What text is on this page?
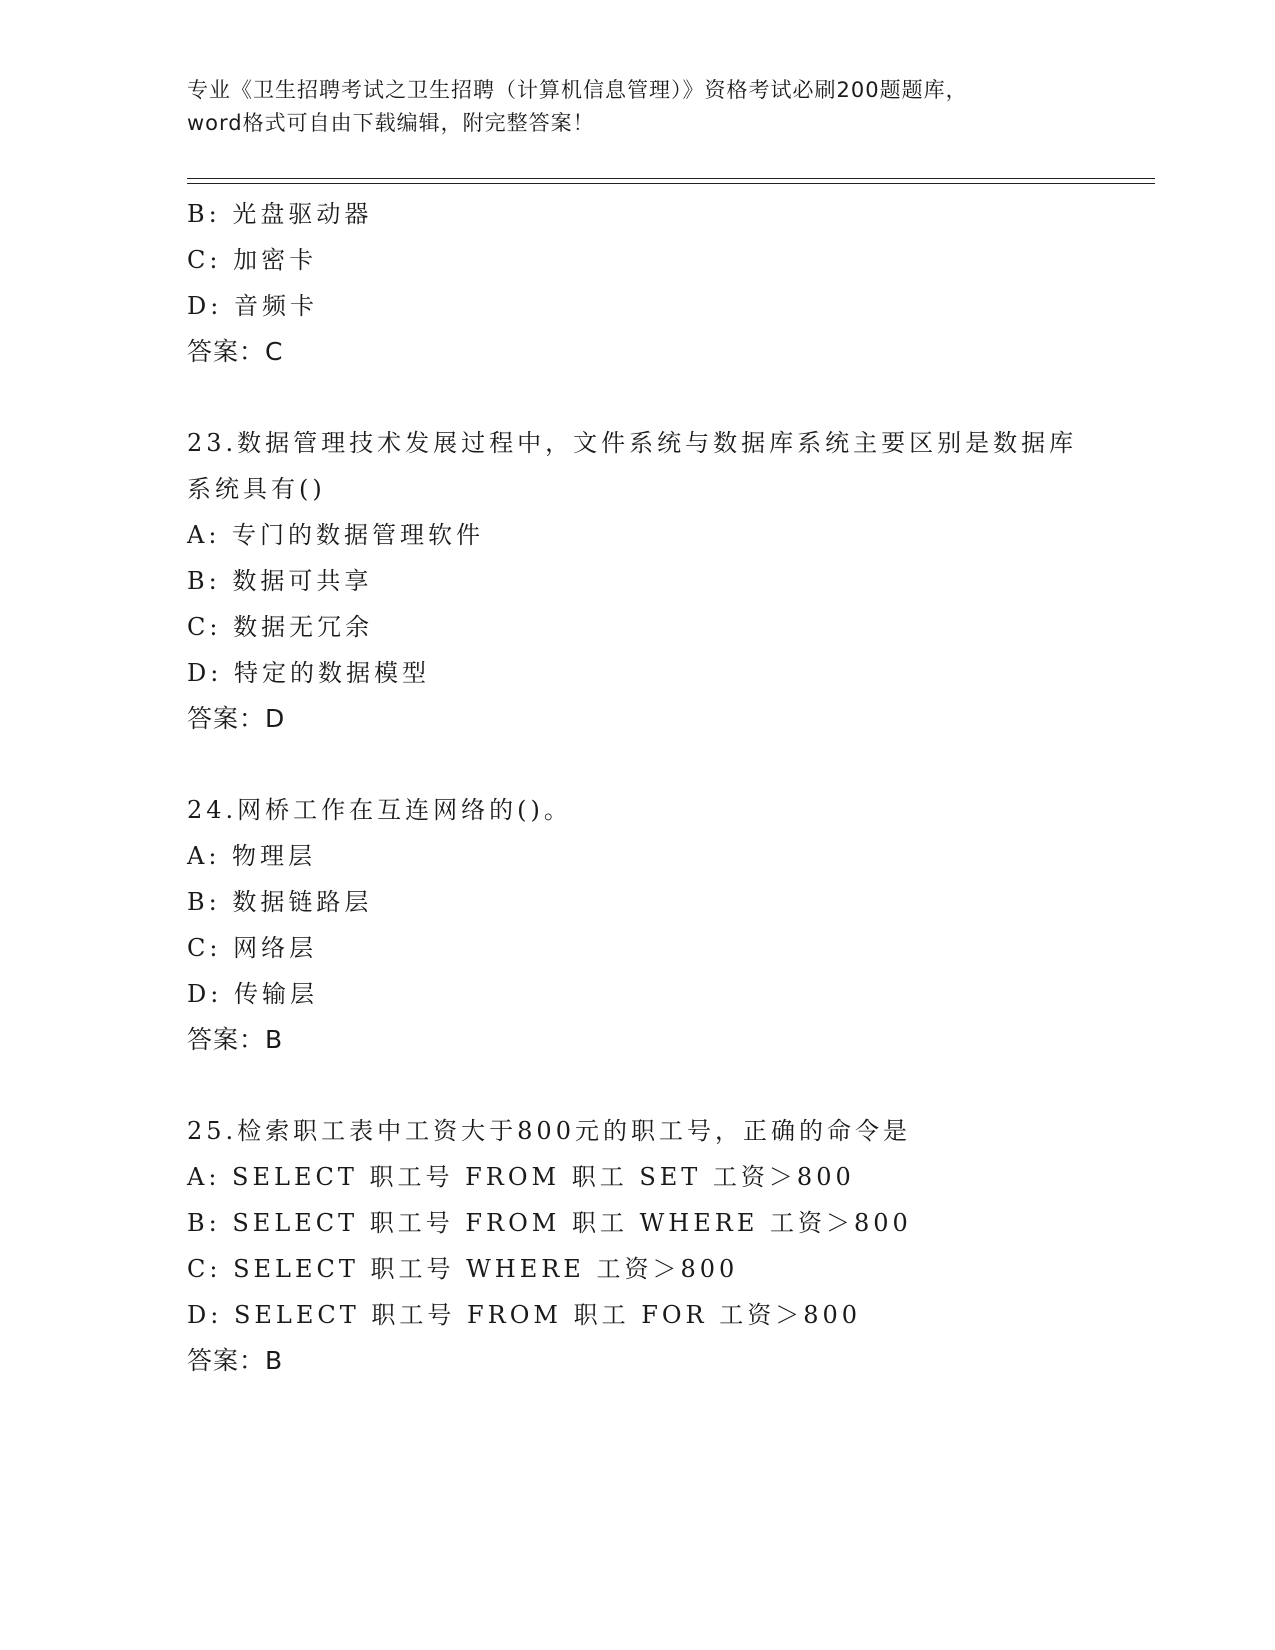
专业《卫生招聘考试之卫生招聘（计算机信息管理）》资格考试必刷200题题库，
word格式可自由下载编辑，附完整答案！
B: 光盘驱动器
C: 加密卡
D: 音频卡
答案：C
23.数据管理技术发展过程中，文件系统与数据库系统主要区别是数据库系统具有()
A: 专门的数据管理软件
B: 数据可共享
C: 数据无冗余
D: 特定的数据模型
答案：D
24.网桥工作在互连网络的()。
A: 物理层
B: 数据链路层
C: 网络层
D: 传输层
答案：B
25.检索职工表中工资大于800元的职工号，正确的命令是
A: SELECT 职工号 FROM 职工 SET 工资＞800
B: SELECT 职工号 FROM 职工 WHERE 工资＞800
C: SELECT 职工号 WHERE 工资＞800
D: SELECT 职工号 FROM 职工 FOR 工资＞800
答案：B
